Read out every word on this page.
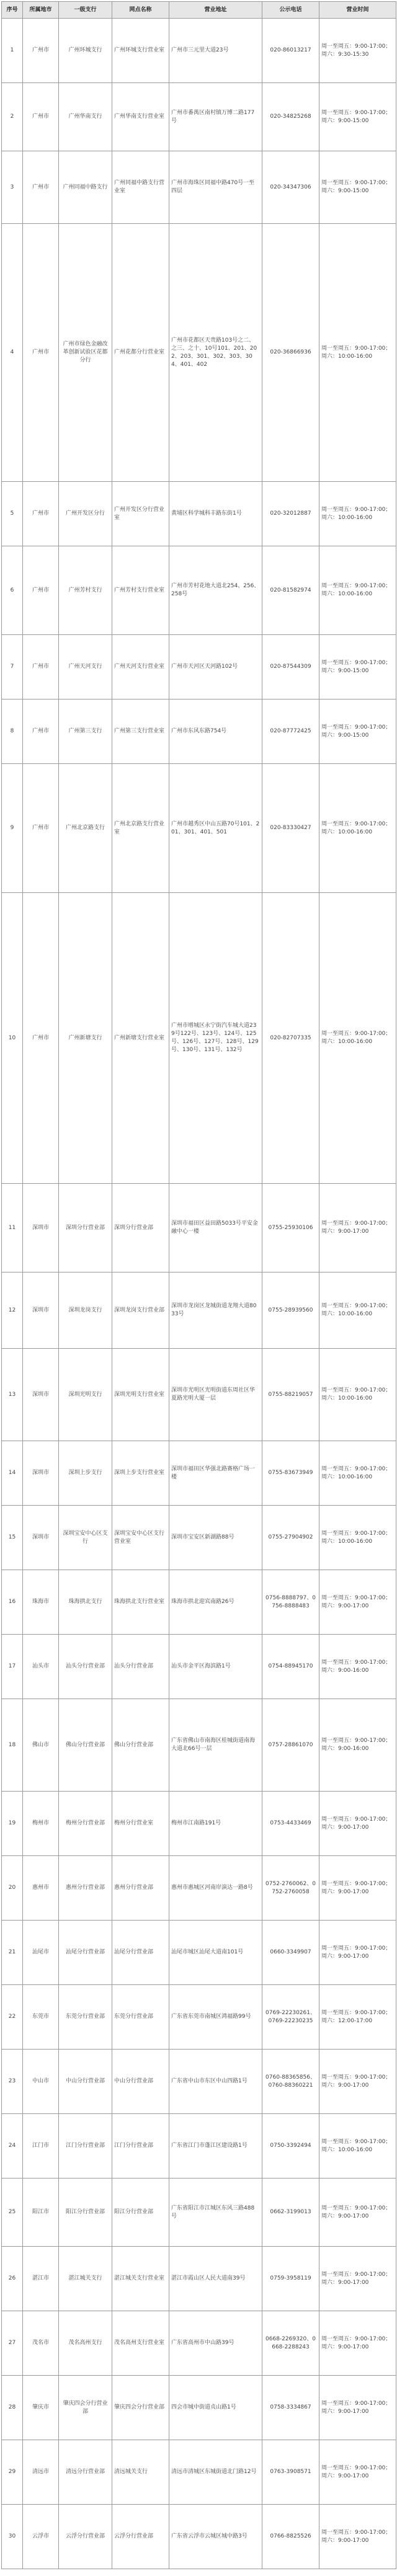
序号	所属地市	一级支行	网点名称	营业地址	公示电话	营业时间
1	广州市	广州环城支行	广州环城支行营业室	广州市三元里大道23号	020-86013217	周一至周五：9:00-17:00；周六：9:30-15:30
2	广州市	广州华南支行	广州华南支行营业室	广州市番禺区南村镇万博二路177号	020-34825268	周一至周五：9:00-17:00；周六：9:00-15:00
3	广州市	广州同福中路支行	广州同福中路支行营业室	广州市海珠区同福中路470号一至四层	020-34347306	周一至周五：9:00-17:00；周六：9:00-15:00
4	广州市	广州市绿色金融改革创新试验区花都分行	广州花都分行营业室	广州市花都区天贵路103号之二、之三、之十、10号101、201、202、203、301、302、303、304、401、402	020-36866936	周一至周五：9:00-17:00；周六：10:00-16:00
5	广州市	广州开发区分行	广州开发区分行营业室	黄埔区科学城科丰路东街1号	020-32012887	周一至周五：9:00-17:00；周六：10:00-16:00
6	广州市	广州芳村支行	广州芳村支行营业室	广州市芳村花地大道北254、256、258号	020-81582974	周一至周五：9:00-17:00；周六：10:00-16:00
7	广州市	广州天河支行	广州天河支行营业室	广州市天河区天河路102号	020-87544309	周一至周五：9:00-17:00；周六：9:00-15:00
8	广州市	广州第三支行	广州第三支行营业室	广州市东风东路754号	020-87772425	周一至周五：9:00-17:00；周六：9:00-15:00
9	广州市	广州北京路支行	广州北京路支行营业室	广州市越秀区中山五路70号101、201、301、401、501	020-83330427	周一至周五：9:00-17:00；周六：10:00-16:00
10	广州市	广州新塘支行	广州新塘支行营业室	广州市增城区永宁街汽车城大道239号122号、123号、124号、125号、126号、127号、128号、129号、130号、131号、132号	020-82707335	周一至周五：9:00-17:00；周六：10:00-16:00
11	深圳市	深圳分行营业部	深圳分行营业部	深圳市福田区益田路5033号平安金融中心一楼	0755-25930106	周一至周五：9:00-17:00；周六：9:00-17:00
12	深圳市	深圳龙岗支行	深圳龙岗支行营业部	深圳市龙岗区龙城街道龙翔大道8033号	0755-28939560	周一至周五：9:00-17:00；周六：10:00-16:00
13	深圳市	深圳光明支行	深圳光明支行营业室	深圳市光明区光明街道东周社区华夏路光明大厦一层	0755-88219057	周一至周五：9:00-17:00；周六：10:00-16:00
14	深圳市	深圳上步支行	深圳上步支行营业室	深圳市福田区华强北路赛格广场一楼	0755-83673949	周一至周五：9:00-17:00；周六：10:00-16:00
15	深圳市	深圳宝安中心区支行	深圳宝安中心区支行营业室	深圳市宝安区新湖路88号	0755-27904902	周一至周五：9:00-17:00；周六：10:00-16:00
16	珠海市	珠海拱北支行	珠海拱北支行营业室	珠海市拱北迎宾南路26号	0756-8888797、0756-8888483	周一至周五：9:00-17:00；周六：9:00-17:00
17	汕头市	汕头分行营业部	汕头分行营业部	汕头市金平区海滨路1号	0754-88945170	周一至周五：9:00-17:00；周六：9:00-16:00
18	佛山市	佛山分行营业部	佛山分行营业部	广东省佛山市南海区桂城街道南海大道北66号一层	0757-28861070	周一至周五：9:00-17:00；周六：9:00-16:00
19	梅州市	梅州分行营业部	梅州分行营业室	梅州市江南路191号	0753-4433469	周一至周五：9:00-17:00；周六：9:00-17:00
20	惠州市	惠州分行营业部	惠州分行营业部	惠州市惠城区河南岸演达一路8号	0752-2760062、0752-2760058	周一至周五：9:00-17:00；周六：9:00-17:00
21	汕尾市	汕尾分行营业部	汕尾分行营业部	汕尾市城区汕尾大道南101号	0660-3349907	周一至周五：9:00-17:00；周六：9:00-17:00
22	东莞市	东莞分行营业部	东莞分行营业部	广东省东莞市南城区鸿福路99号	0769-22230261、0769-22230235	周一至周五：9:00-17:00；周六：12:00-17:00
23	中山市	中山分行营业部	中山分行营业部	广东省中山市东区中山四路1号	0760-88365856、0760-88360221	周一至周五：9:00-17:00；周六：9:00-17:00
24	江门市	江门分行营业部	江门分行营业部	广东省江门市蓬江区建设路1号	0750-3392494	周一至周五：9:00-17:00；周六：10:00-16:00
25	阳江市	阳江分行营业部	阳江分行营业部	广东省阳江市江城区东风三路488号	0662-3199013	周一至周五：9:00-17:00；周六：9:00-17:00
26	湛江市	湛江城关支行	湛江城关支行营业室	湛江市霞山区人民大道南39号	0759-3958119	周一至周五：9:00-17:00；周六：9:00-17:00
27	茂名市	茂名高州支行	茂名高州支行营业室	广东省高州市中山路39号	0668-2269320、0668-2288243	周一至周五：9:00-17:00；周六：9:00-17:00
28	肇庆市	肇庆四会分行营业部	肇庆四会分行营业部	四会市城中街道贞山路1号	0758-3334867	周一至周五：9:00-17:00；周六：9:00-17:00
29	清远市	清远分行营业部	清远城关支行	清远市清城区东城街道北门路12号	0763-3908571	周一至周五：9:00-17:00；周六：9:00-17:00
30	云浮市	云浮分行营业部	云浮分行营业部	广东省云浮市云城区城中路3号	0766-8825526	周一至周五：9:00-17:00；周六：9:00-17:00
